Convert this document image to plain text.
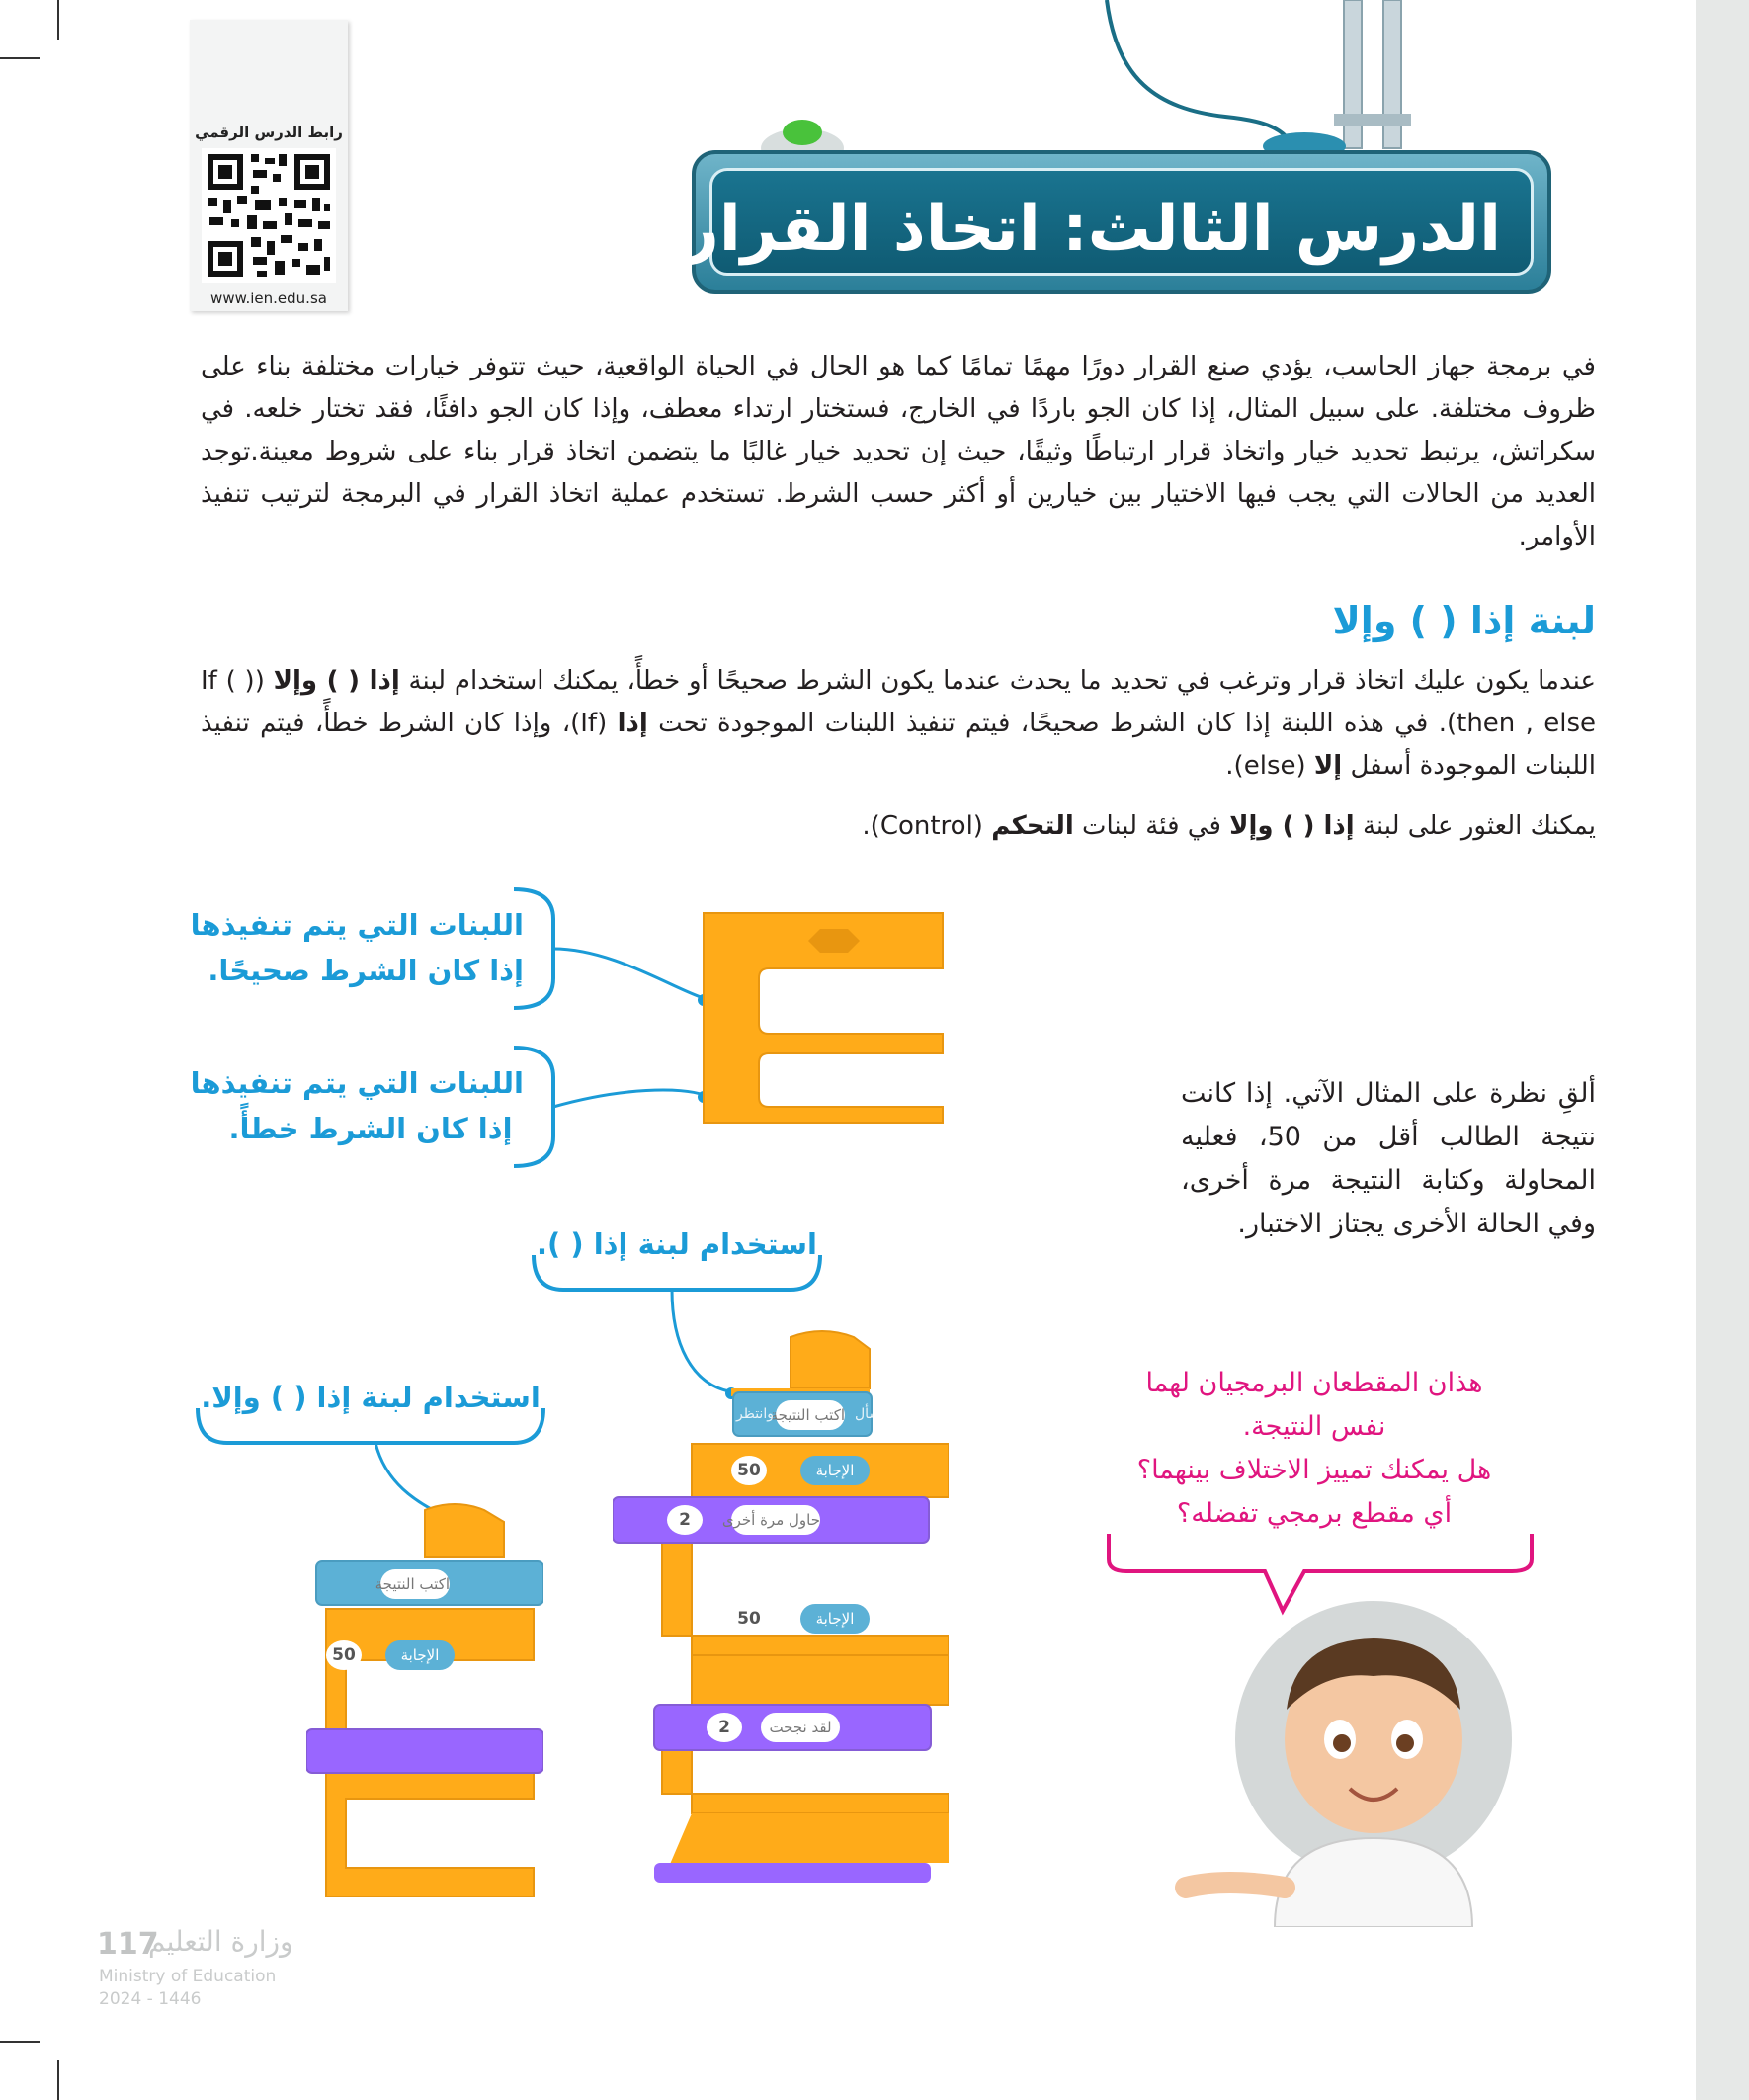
رابط الدرس الرقمي
www.ien.edu.sa
الدرس الثالث: اتخاذ القرارات
في برمجة جهاز الحاسب، يؤدي صنع القرار دورًا مهمًا تمامًا كما هو الحال في الحياة الواقعية، حيث تتوفر خيارات مختلفة بناء على ظروف مختلفة. على سبيل المثال، إذا كان الجو باردًا في الخارج، فستختار ارتداء معطف، وإذا كان الجو دافئًا، فقد تختار خلعه. في سكراتش، يرتبط تحديد خيار واتخاذ قرار ارتباطًا وثيقًا، حيث إن تحديد خيار غالبًا ما يتضمن اتخاذ قرار بناء على شروط معينة.توجد العديد من الحالات التي يجب فيها الاختيار بين خيارين أو أكثر حسب الشرط. تستخدم عملية اتخاذ القرار في البرمجة لترتيب تنفيذ الأوامر.
لبنة إذا ( ) وإلا
عندما يكون عليك اتخاذ قرار وترغب في تحديد ما يحدث عندما يكون الشرط صحيحًا أو خطأً، يمكنك استخدام لبنة إذا ( ) وإلا (If ( ) then , else). في هذه اللبنة إذا كان الشرط صحيحًا، فيتم تنفيذ اللبنات الموجودة تحت إذا (If)، وإذا كان الشرط خطأً، فيتم تنفيذ اللبنات الموجودة أسفل إلا (else).
يمكنك العثور على لبنة إذا ( ) وإلا في فئة لبنات التحكم (Control).
اللبنات التي يتم تنفيذها
إذا كان الشرط صحيحًا.
اللبنات التي يتم تنفيذها
إذا كان الشرط خطأً.
استخدام لبنة إذا ( ).
استخدام لبنة إذا ( ) وإلا.
ألقِ نظرة على المثال الآتي. إذا كانت نتيجة الطالب أقل من 50، فعليه المحاولة وكتابة النتيجة مرة أخرى، وفي الحالة الأخرى يجتاز الاختبار.
هذان المقطعان البرمجيان لهما
نفس النتيجة.
هل يمكنك تمييز الاختلاف بينهما؟
أي مقطع برمجي تفضله؟
اكتب النتيجة اسأل
وانتظر
50	الإجابة
حاول مرة أخرى
2
50	الإجابة
لقد نجحت
2
50	الإجابة
اكتب النتيجة
117
وزارة التعليم
Ministry of Education
2024 - 1446
